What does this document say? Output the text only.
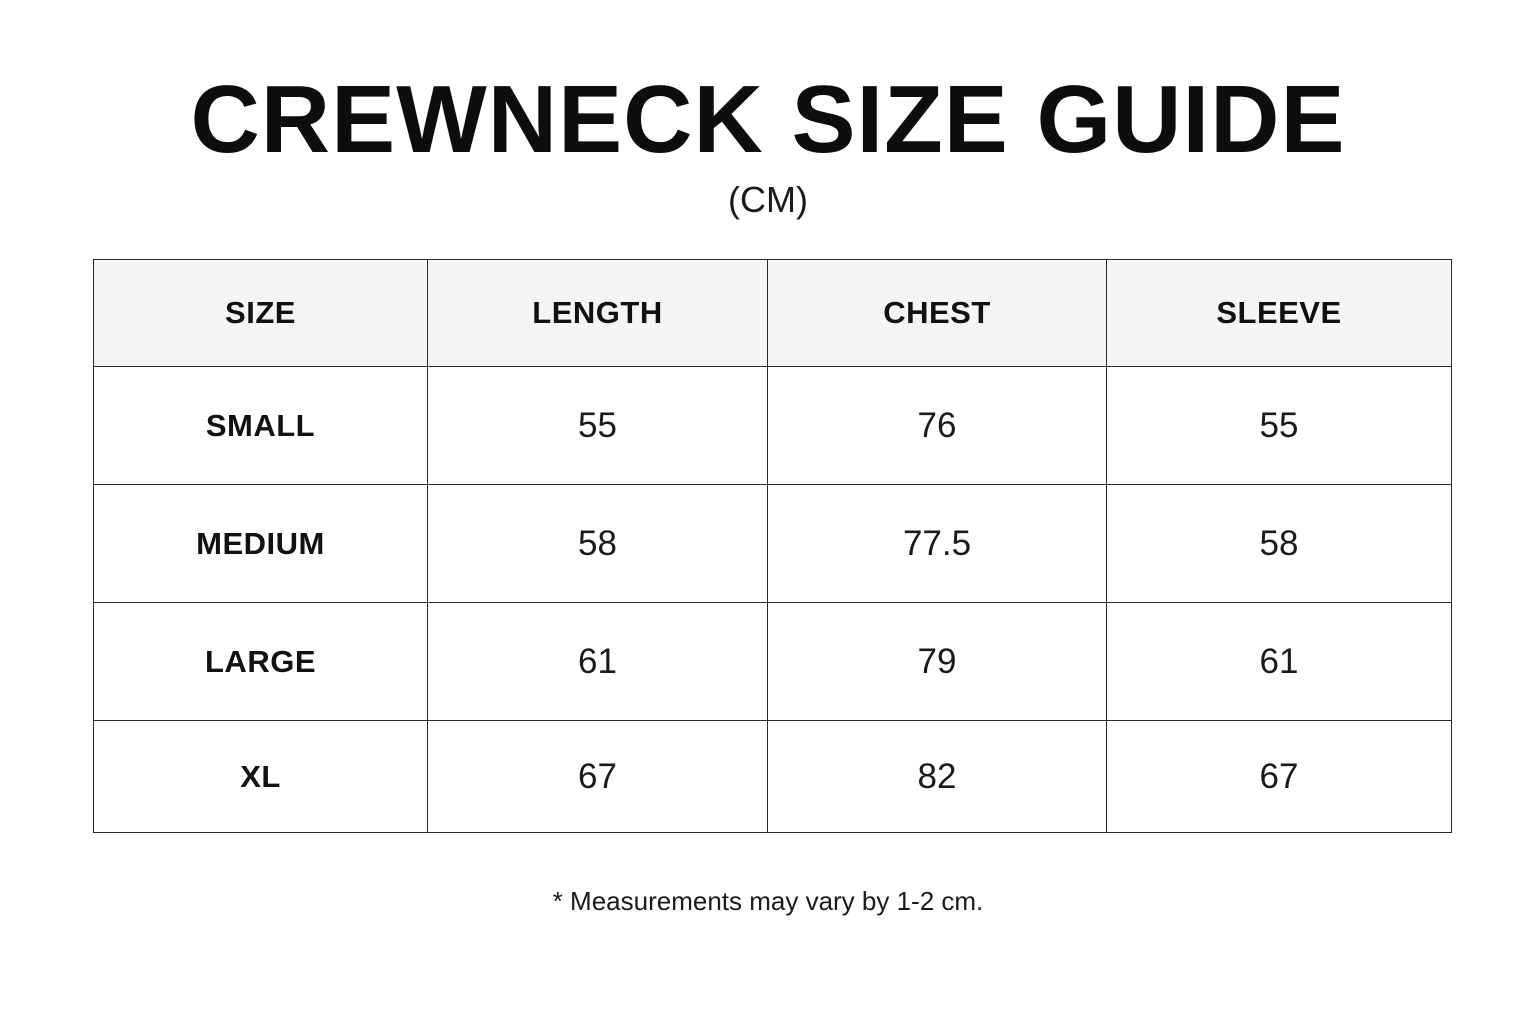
CREWNECK SIZE GUIDE
(CM)
SIZE	LENGTH	CHEST	SLEEVE
SMALL	55	76	55
MEDIUM	58	77.5	58
LARGE	61	79	61
XL	67	82	67
* Measurements may vary by 1-2 cm.
